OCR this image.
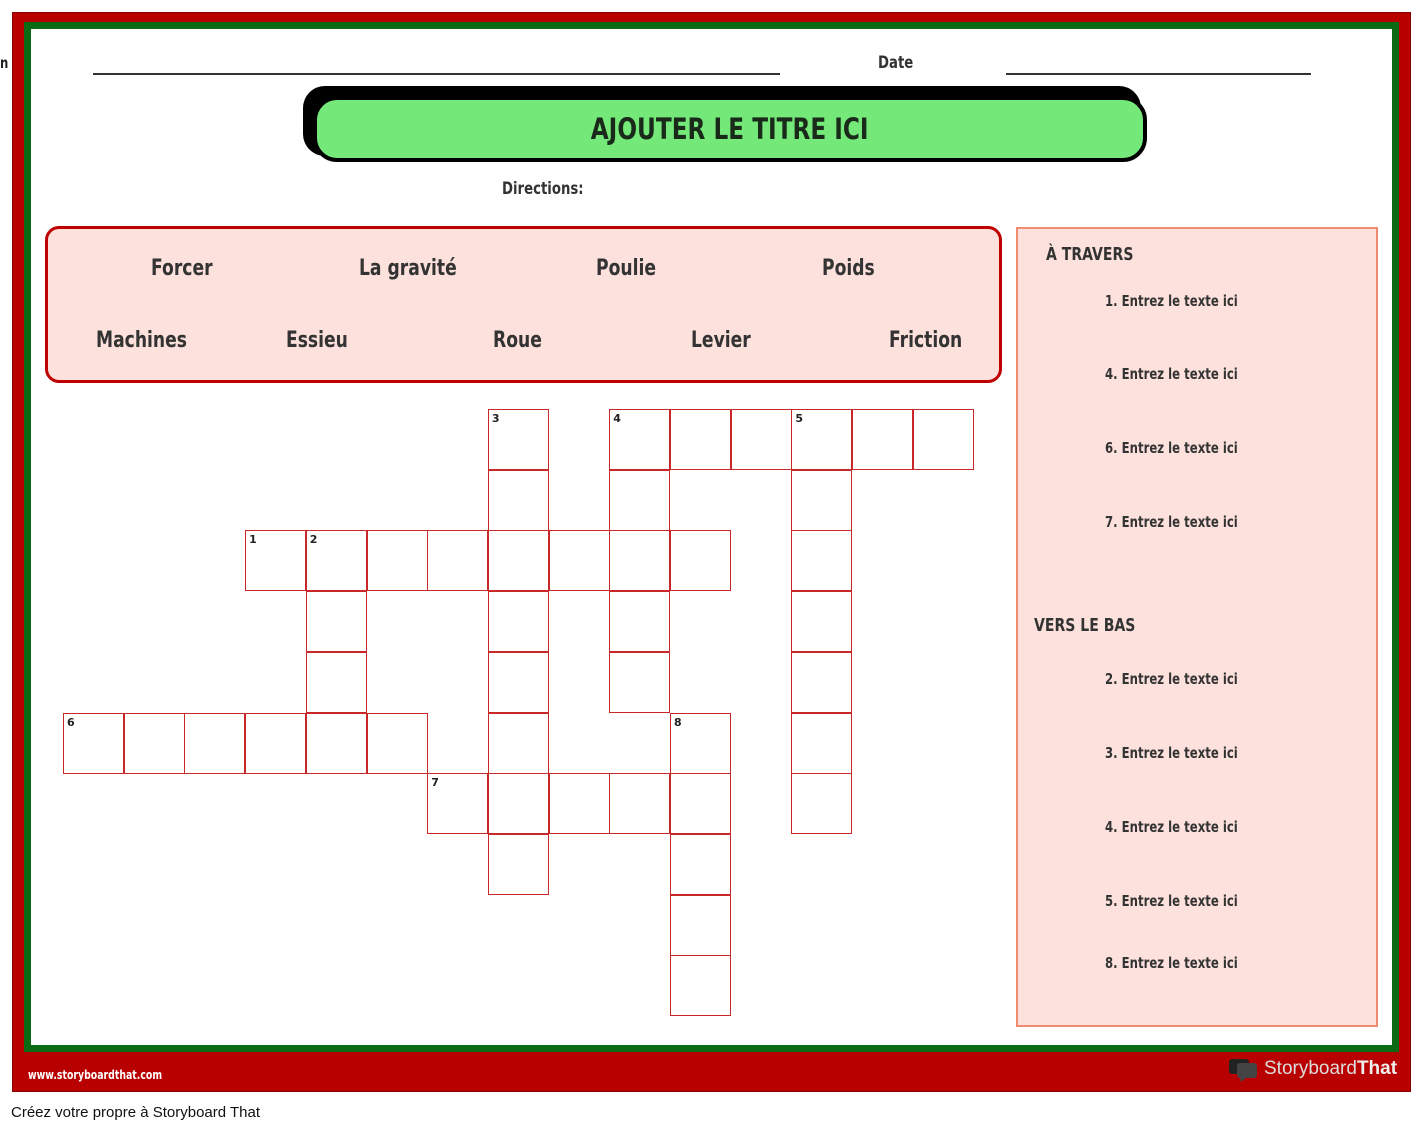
n	Date
AJOUTER LE TITRE ICI
Directions:
Forcer	La gravité	Poulie	Poids
Machines	Essieu	Roue	Levier	Friction
À TRAVERS
1. Entrez le texte ici
4. Entrez le texte ici
6. Entrez le texte ici
7. Entrez le texte ici
VERS LE BAS
2. Entrez le texte ici
3. Entrez le texte ici
4. Entrez le texte ici
5. Entrez le texte ici
8. Entrez le texte ici
4	5
1	2
6
7
3
8
www.storyboardthat.com	StoryboardThat
Créez votre propre à Storyboard That
